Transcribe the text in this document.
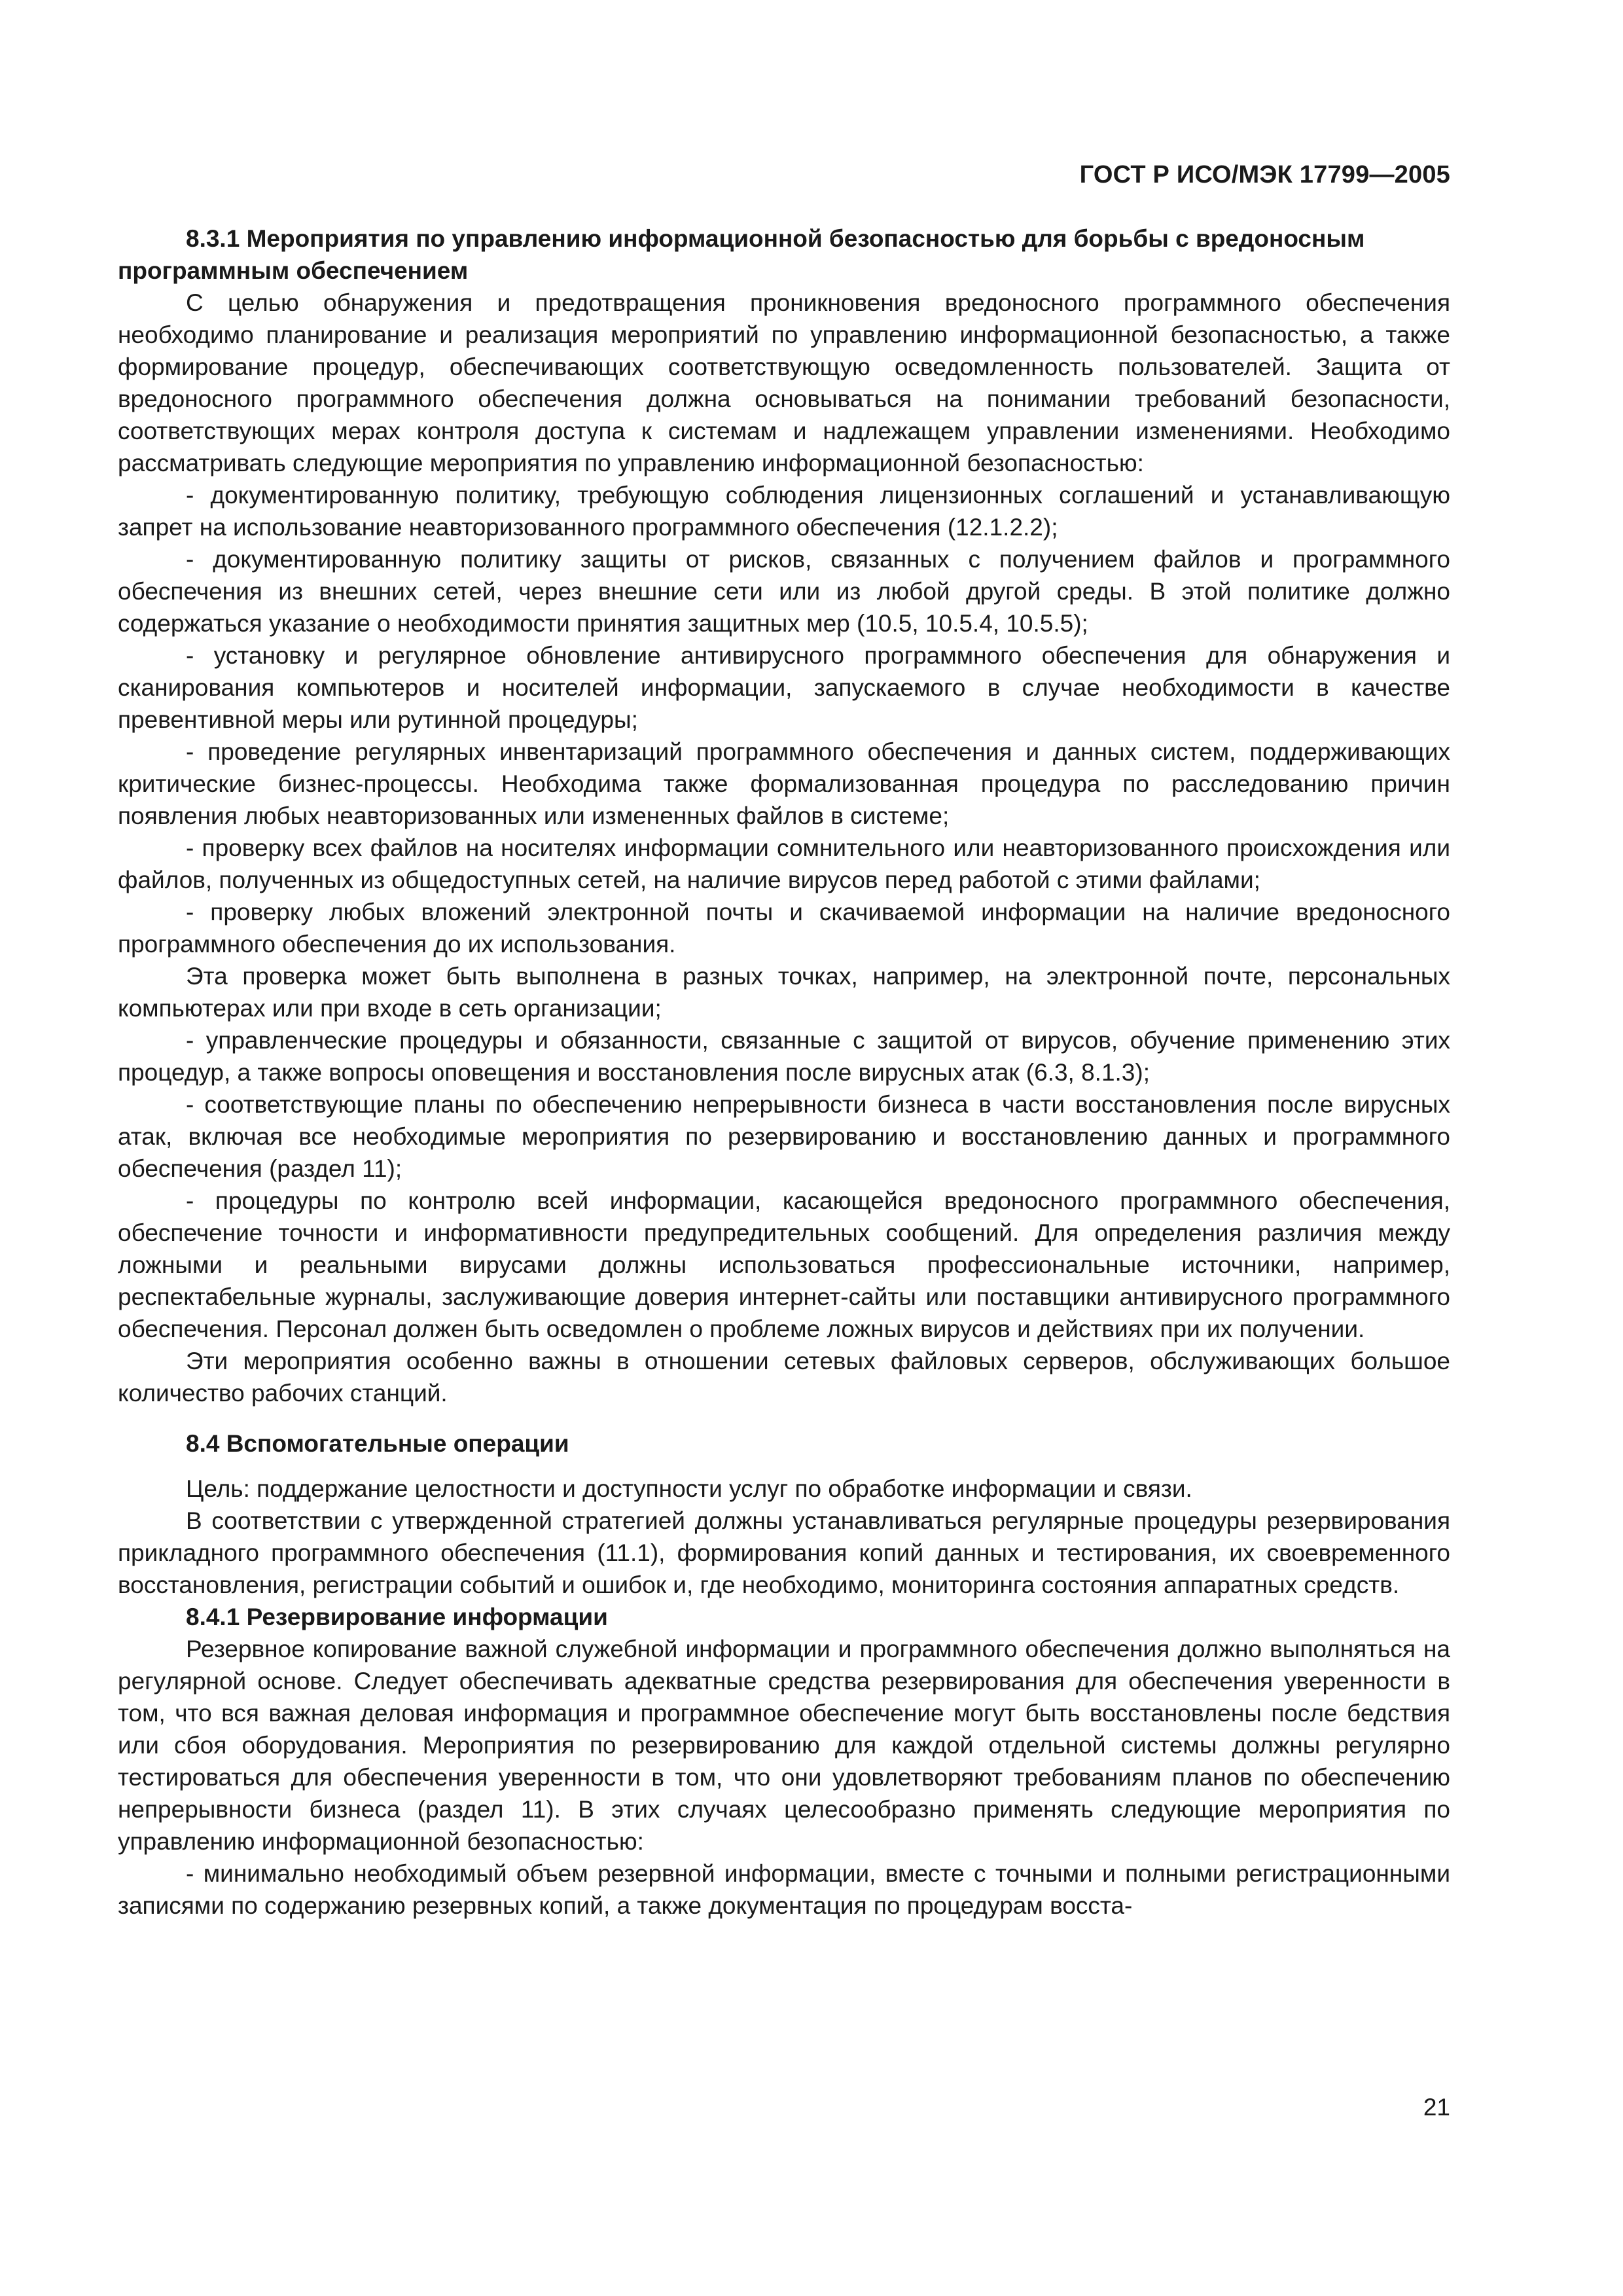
ГОСТ Р ИСО/МЭК 17799—2005

8.3.1 Мероприятия по управлению информационной безопасностью для борьбы с вредоносным программным обеспечением

С целью обнаружения и предотвращения проникновения вредоносного программного обеспечения необходимо планирование и реализация мероприятий по управлению информационной безопасностью, а также формирование процедур, обеспечивающих соответствующую осведомленность пользователей. Защита от вредоносного программного обеспечения должна основываться на понимании требований безопасности, соответствующих мерах контроля доступа к системам и надлежащем управлении изменениями. Необходимо рассматривать следующие мероприятия по управлению информационной безопасностью:

- документированную политику, требующую соблюдения лицензионных соглашений и устанавливающую запрет на использование неавторизованного программного обеспечения (12.1.2.2);

- документированную политику защиты от рисков, связанных с получением файлов и программного обеспечения из внешних сетей, через внешние сети или из любой другой среды. В этой политике должно содержаться указание о необходимости принятия защитных мер (10.5, 10.5.4, 10.5.5);

- установку и регулярное обновление антивирусного программного обеспечения для обнаружения и сканирования компьютеров и носителей информации, запускаемого в случае необходимости в качестве превентивной меры или рутинной процедуры;

- проведение регулярных инвентаризаций программного обеспечения и данных систем, поддерживающих критические бизнес-процессы. Необходима также формализованная процедура по расследованию причин появления любых неавторизованных или измененных файлов в системе;

- проверку всех файлов на носителях информации сомнительного или неавторизованного происхождения или файлов, полученных из общедоступных сетей, на наличие вирусов перед работой с этими файлами;

- проверку любых вложений электронной почты и скачиваемой информации на наличие вредоносного программного обеспечения до их использования.

Эта проверка может быть выполнена в разных точках, например, на электронной почте, персональных компьютерах или при входе в сеть организации;

- управленческие процедуры и обязанности, связанные с защитой от вирусов, обучение применению этих процедур, а также вопросы оповещения и восстановления после вирусных атак (6.3, 8.1.3);

- соответствующие планы по обеспечению непрерывности бизнеса в части восстановления после вирусных атак, включая все необходимые мероприятия по резервированию и восстановлению данных и программного обеспечения (раздел 11);

- процедуры по контролю всей информации, касающейся вредоносного программного обеспечения, обеспечение точности и информативности предупредительных сообщений. Для определения различия между ложными и реальными вирусами должны использоваться профессиональные источники, например, респектабельные журналы, заслуживающие доверия интернет-сайты или поставщики антивирусного программного обеспечения. Персонал должен быть осведомлен о проблеме ложных вирусов и действиях при их получении.

Эти мероприятия особенно важны в отношении сетевых файловых серверов, обслуживающих большое количество рабочих станций.

8.4 Вспомогательные операции

Цель: поддержание целостности и доступности услуг по обработке информации и связи.

В соответствии с утвержденной стратегией должны устанавливаться регулярные процедуры резервирования прикладного программного обеспечения (11.1), формирования копий данных и тестирования, их своевременного восстановления, регистрации событий и ошибок и, где необходимо, мониторинга состояния аппаратных средств.

8.4.1 Резервирование информации

Резервное копирование важной служебной информации и программного обеспечения должно выполняться на регулярной основе. Следует обеспечивать адекватные средства резервирования для обеспечения уверенности в том, что вся важная деловая информация и программное обеспечение могут быть восстановлены после бедствия или сбоя оборудования. Мероприятия по резервированию для каждой отдельной системы должны регулярно тестироваться для обеспечения уверенности в том, что они удовлетворяют требованиям планов по обеспечению непрерывности бизнеса (раздел 11). В этих случаях целесообразно применять следующие мероприятия по управлению информационной безопасностью:

- минимально необходимый объем резервной информации, вместе с точными и полными регистрационными записями по содержанию резервных копий, а также документация по процедурам восста-

21
